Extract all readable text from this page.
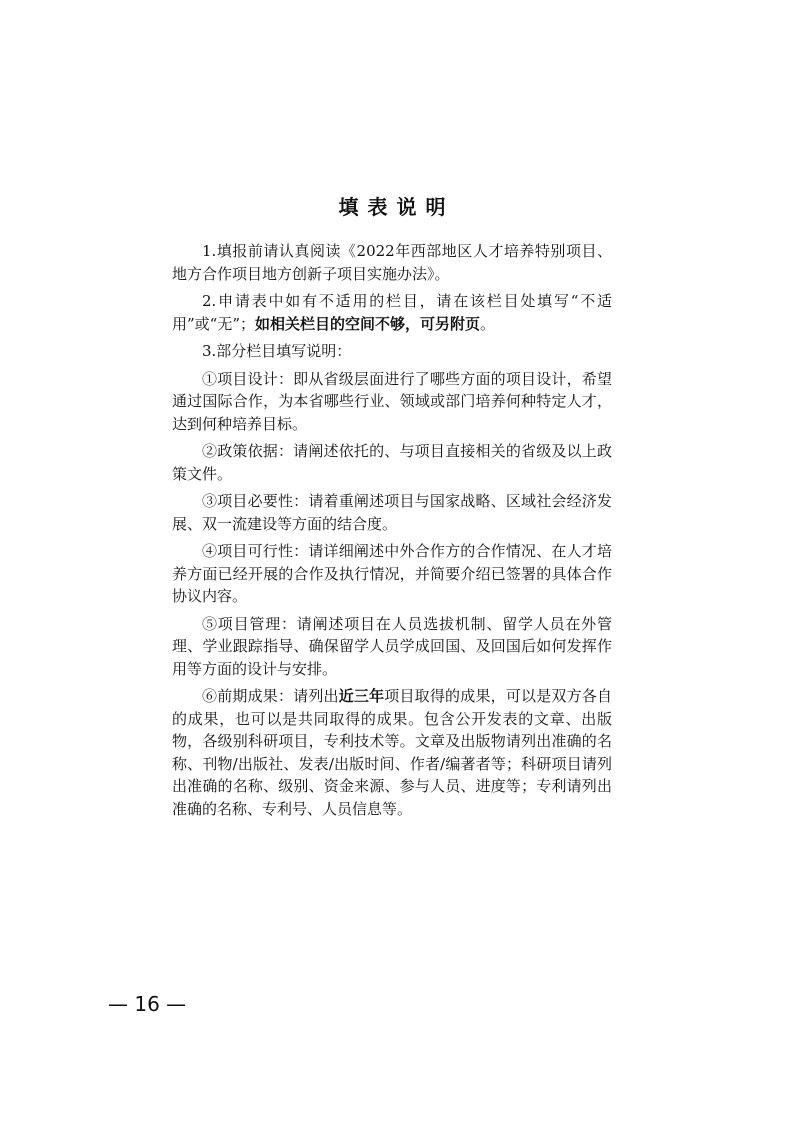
填表说明

1.填报前请认真阅读《2022年西部地区人才培养特别项目、地方合作项目地方创新子项目实施办法》。

2.申请表中如有不适用的栏目，请在该栏目处填写“不适用”或“无”；如相关栏目的空间不够，可另附页。

3.部分栏目填写说明：

①项目设计：即从省级层面进行了哪些方面的项目设计，希望通过国际合作，为本省哪些行业、领域或部门培养何种特定人才，达到何种培养目标。

②政策依据：请阐述依托的、与项目直接相关的省级及以上政策文件。

③项目必要性：请着重阐述项目与国家战略、区域社会经济发展、双一流建设等方面的结合度。

④项目可行性：请详细阐述中外合作方的合作情况、在人才培养方面已经开展的合作及执行情况，并简要介绍已签署的具体合作协议内容。

⑤项目管理：请阐述项目在人员选拔机制、留学人员在外管理、学业跟踪指导、确保留学人员学成回国、及回国后如何发挥作用等方面的设计与安排。

⑥前期成果：请列出近三年项目取得的成果，可以是双方各自的成果，也可以是共同取得的成果。包含公开发表的文章、出版物，各级别科研项目，专利技术等。文章及出版物请列出准确的名称、刊物/出版社、发表/出版时间、作者/编著者等；科研项目请列出准确的名称、级别、资金来源、参与人员、进度等；专利请列出准确的名称、专利号、人员信息等。

— 16 —
